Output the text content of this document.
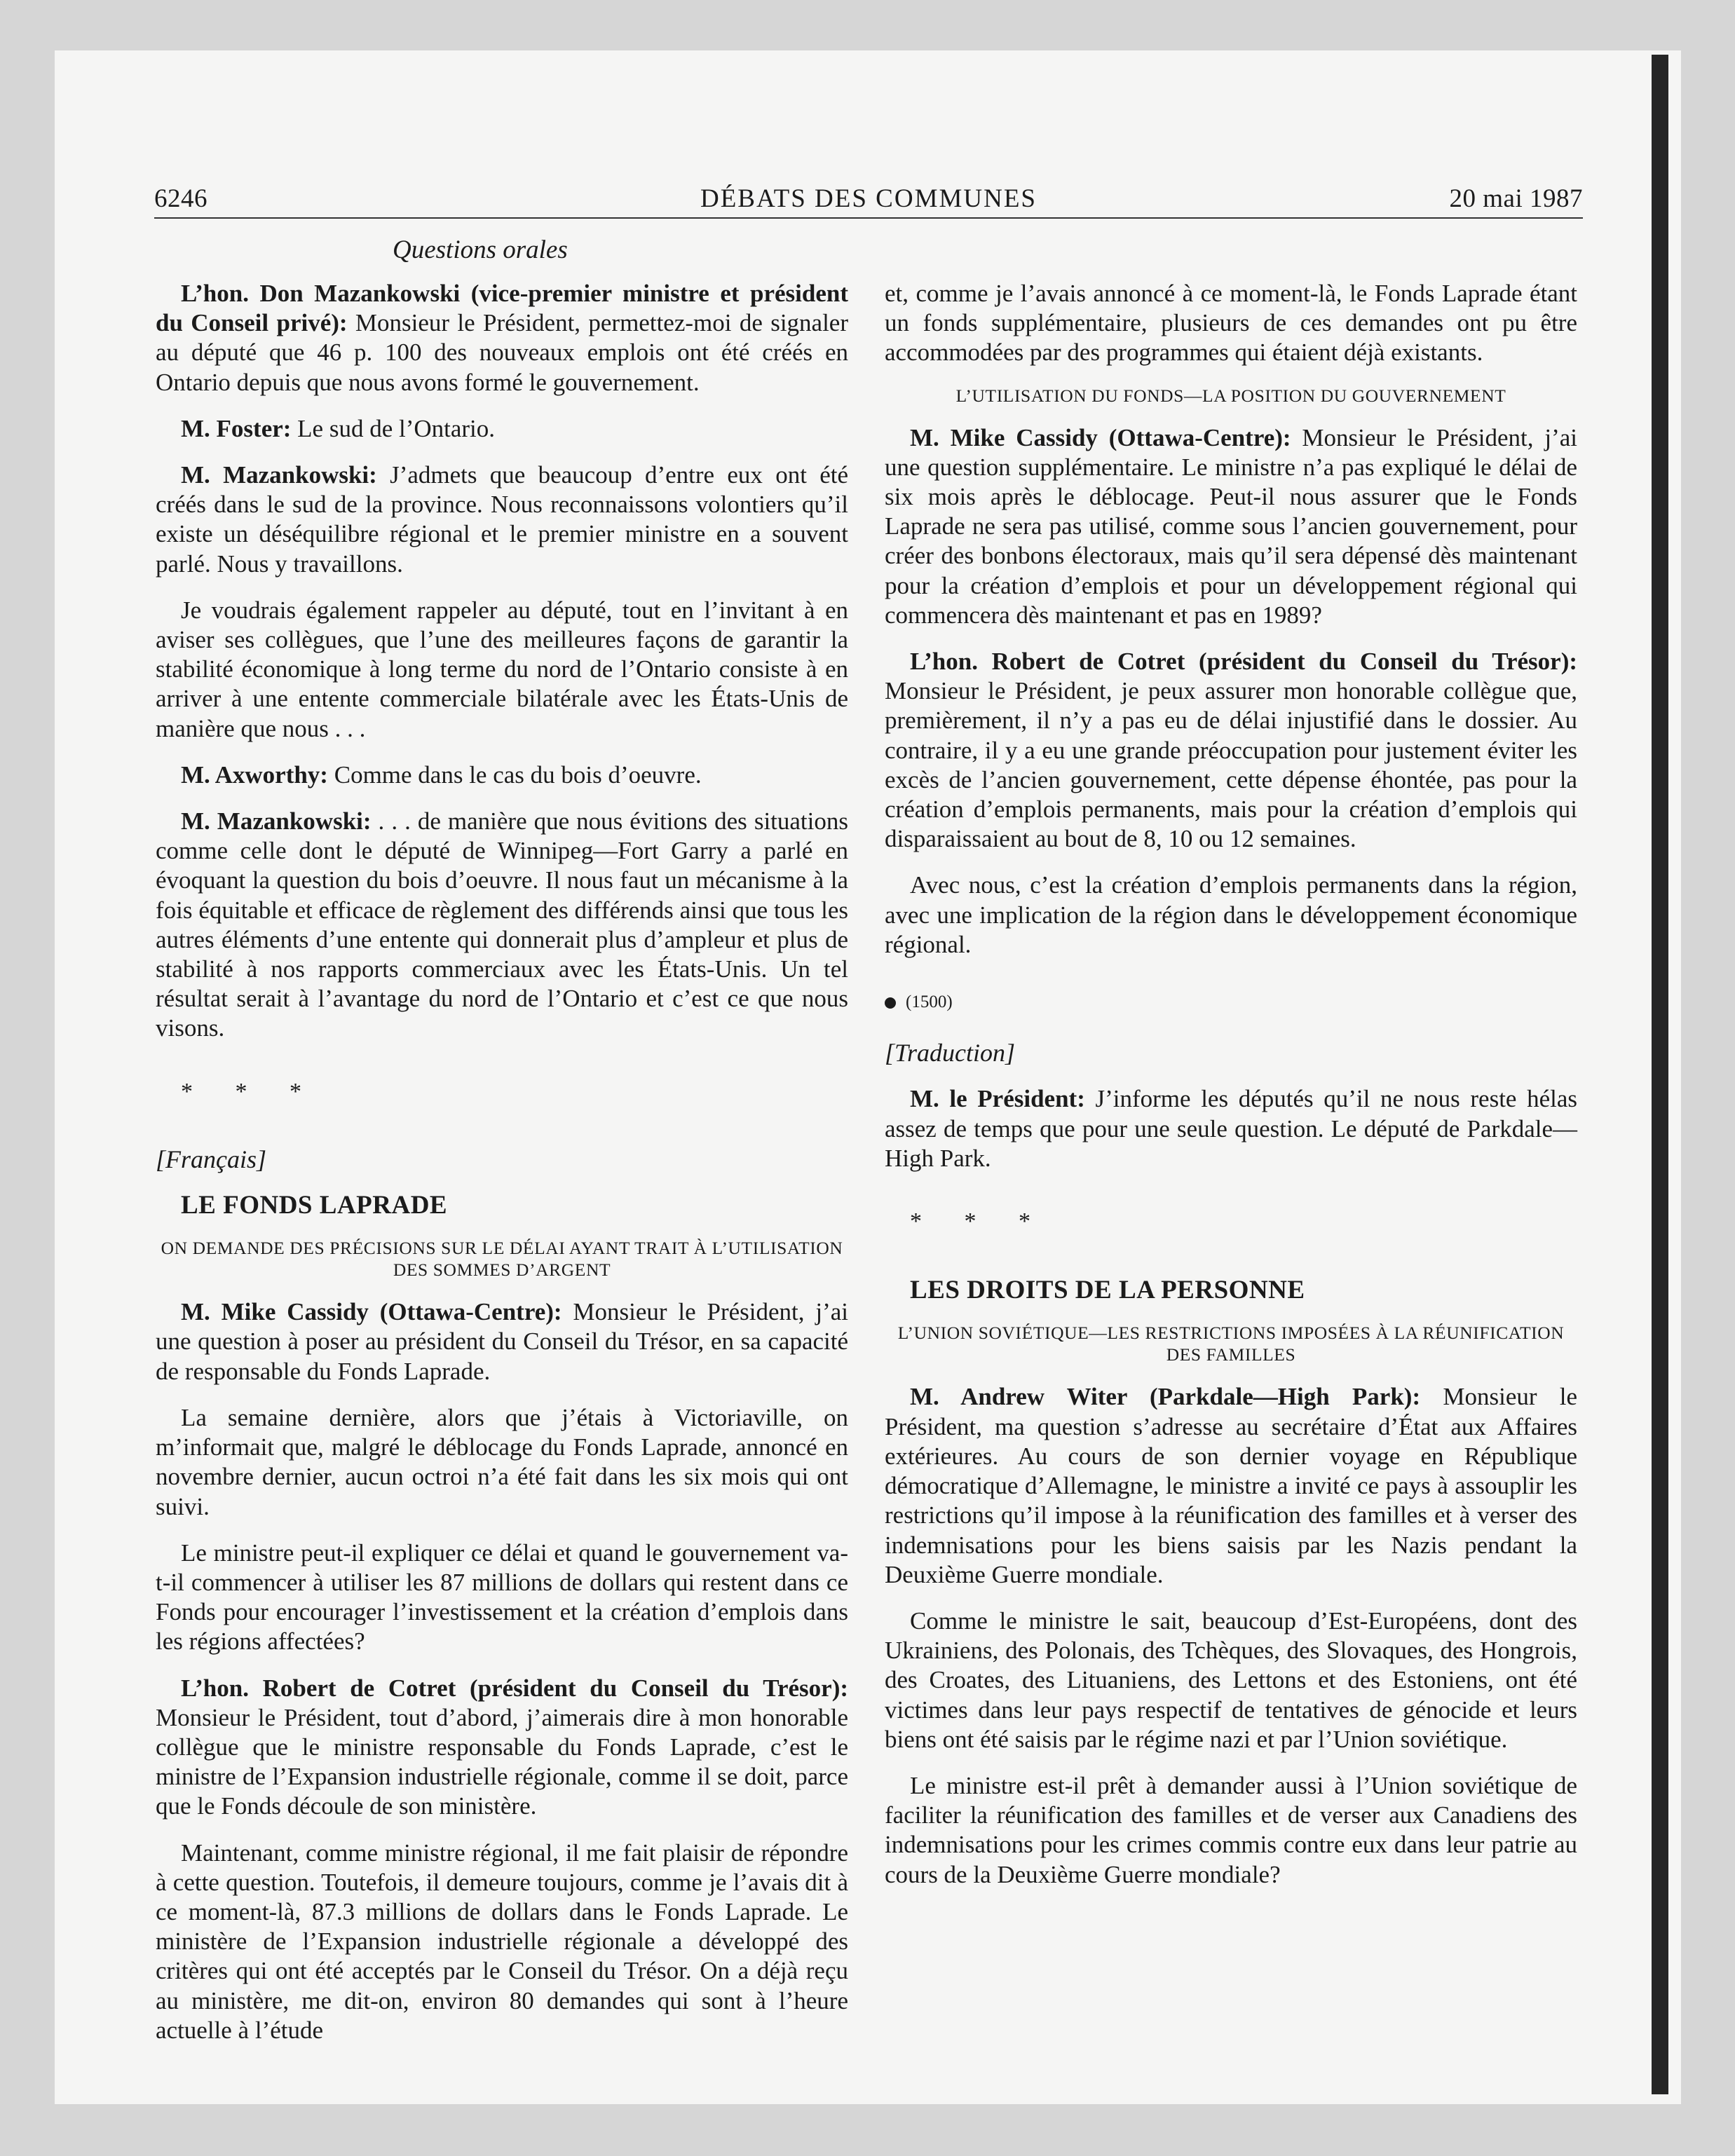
6246	DÉBATS DES COMMUNES	20 mai 1987
Questions orales

L’hon. Don Mazankowski (vice-premier ministre et président du Conseil privé): Monsieur le Président, permettez-moi de signaler au député que 46 p. 100 des nouveaux emplois ont été créés en Ontario depuis que nous avons formé le gouvernement.

M. Foster: Le sud de l’Ontario.

M. Mazankowski: J’admets que beaucoup d’entre eux ont été créés dans le sud de la province. Nous reconnaissons volontiers qu’il existe un déséquilibre régional et le premier ministre en a souvent parlé. Nous y travaillons.

Je voudrais également rappeler au député, tout en l’invitant à en aviser ses collègues, que l’une des meilleures façons de garantir la stabilité économique à long terme du nord de l’Ontario consiste à en arriver à une entente commerciale bilatérale avec les États-Unis de manière que nous . . .

M. Axworthy: Comme dans le cas du bois d’oeuvre.

M. Mazankowski: . . . de manière que nous évitions des situations comme celle dont le député de Winnipeg—Fort Garry a parlé en évoquant la question du bois d’oeuvre. Il nous faut un mécanisme à la fois équitable et efficace de règlement des différends ainsi que tous les autres éléments d’une entente qui donnerait plus d’ampleur et plus de stabilité à nos rapports commerciaux avec les États-Unis. Un tel résultat serait à l’avantage du nord de l’Ontario et c’est ce que nous visons.

* * *

[Français]

LE FONDS LAPRADE

ON DEMANDE DES PRÉCISIONS SUR LE DÉLAI AYANT TRAIT À L’UTILISATION DES SOMMES D’ARGENT

M. Mike Cassidy (Ottawa-Centre): Monsieur le Président, j’ai une question à poser au président du Conseil du Trésor, en sa capacité de responsable du Fonds Laprade.

La semaine dernière, alors que j’étais à Victoriaville, on m’informait que, malgré le déblocage du Fonds Laprade, annoncé en novembre dernier, aucun octroi n’a été fait dans les six mois qui ont suivi.

Le ministre peut-il expliquer ce délai et quand le gouvernement va-t-il commencer à utiliser les 87 millions de dollars qui restent dans ce Fonds pour encourager l’investissement et la création d’emplois dans les régions affectées?

L’hon. Robert de Cotret (président du Conseil du Trésor): Monsieur le Président, tout d’abord, j’aimerais dire à mon honorable collègue que le ministre responsable du Fonds Laprade, c’est le ministre de l’Expansion industrielle régionale, comme il se doit, parce que le Fonds découle de son ministère.

Maintenant, comme ministre régional, il me fait plaisir de répondre à cette question. Toutefois, il demeure toujours, comme je l’avais dit à ce moment-là, 87.3 millions de dollars dans le Fonds Laprade. Le ministère de l’Expansion industrielle régionale a développé des critères qui ont été acceptés par le Conseil du Trésor. On a déjà reçu au ministère, me dit-on, environ 80 demandes qui sont à l’heure actuelle à l’étude

et, comme je l’avais annoncé à ce moment-là, le Fonds Laprade étant un fonds supplémentaire, plusieurs de ces demandes ont pu être accommodées par des programmes qui étaient déjà existants.

L’UTILISATION DU FONDS—LA POSITION DU GOUVERNEMENT

M. Mike Cassidy (Ottawa-Centre): Monsieur le Président, j’ai une question supplémentaire. Le ministre n’a pas expliqué le délai de six mois après le déblocage. Peut-il nous assurer que le Fonds Laprade ne sera pas utilisé, comme sous l’ancien gouvernement, pour créer des bonbons électoraux, mais qu’il sera dépensé dès maintenant pour la création d’emplois et pour un développement régional qui commencera dès maintenant et pas en 1989?

L’hon. Robert de Cotret (président du Conseil du Trésor): Monsieur le Président, je peux assurer mon honorable collègue que, premièrement, il n’y a pas eu de délai injustifié dans le dossier. Au contraire, il y a eu une grande préoccupation pour justement éviter les excès de l’ancien gouvernement, cette dépense éhontée, pas pour la création d’emplois permanents, mais pour la création d’emplois qui disparaissaient au bout de 8, 10 ou 12 semaines.

Avec nous, c’est la création d’emplois permanents dans la région, avec une implication de la région dans le développement économique régional.

(1500)

[Traduction]

M. le Président: J’informe les députés qu’il ne nous reste hélas assez de temps que pour une seule question. Le député de Parkdale—High Park.

* * *

LES DROITS DE LA PERSONNE

L’UNION SOVIÉTIQUE—LES RESTRICTIONS IMPOSÉES À LA RÉUNIFICATION DES FAMILLES

M. Andrew Witer (Parkdale—High Park): Monsieur le Président, ma question s’adresse au secrétaire d’État aux Affaires extérieures. Au cours de son dernier voyage en République démocratique d’Allemagne, le ministre a invité ce pays à assouplir les restrictions qu’il impose à la réunification des familles et à verser des indemnisations pour les biens saisis par les Nazis pendant la Deuxième Guerre mondiale.

Comme le ministre le sait, beaucoup d’Est-Européens, dont des Ukrainiens, des Polonais, des Tchèques, des Slovaques, des Hongrois, des Croates, des Lituaniens, des Lettons et des Estoniens, ont été victimes dans leur pays respectif de tentatives de génocide et leurs biens ont été saisis par le régime nazi et par l’Union soviétique.

Le ministre est-il prêt à demander aussi à l’Union soviétique de faciliter la réunification des familles et de verser aux Canadiens des indemnisations pour les crimes commis contre eux dans leur patrie au cours de la Deuxième Guerre mondiale?
